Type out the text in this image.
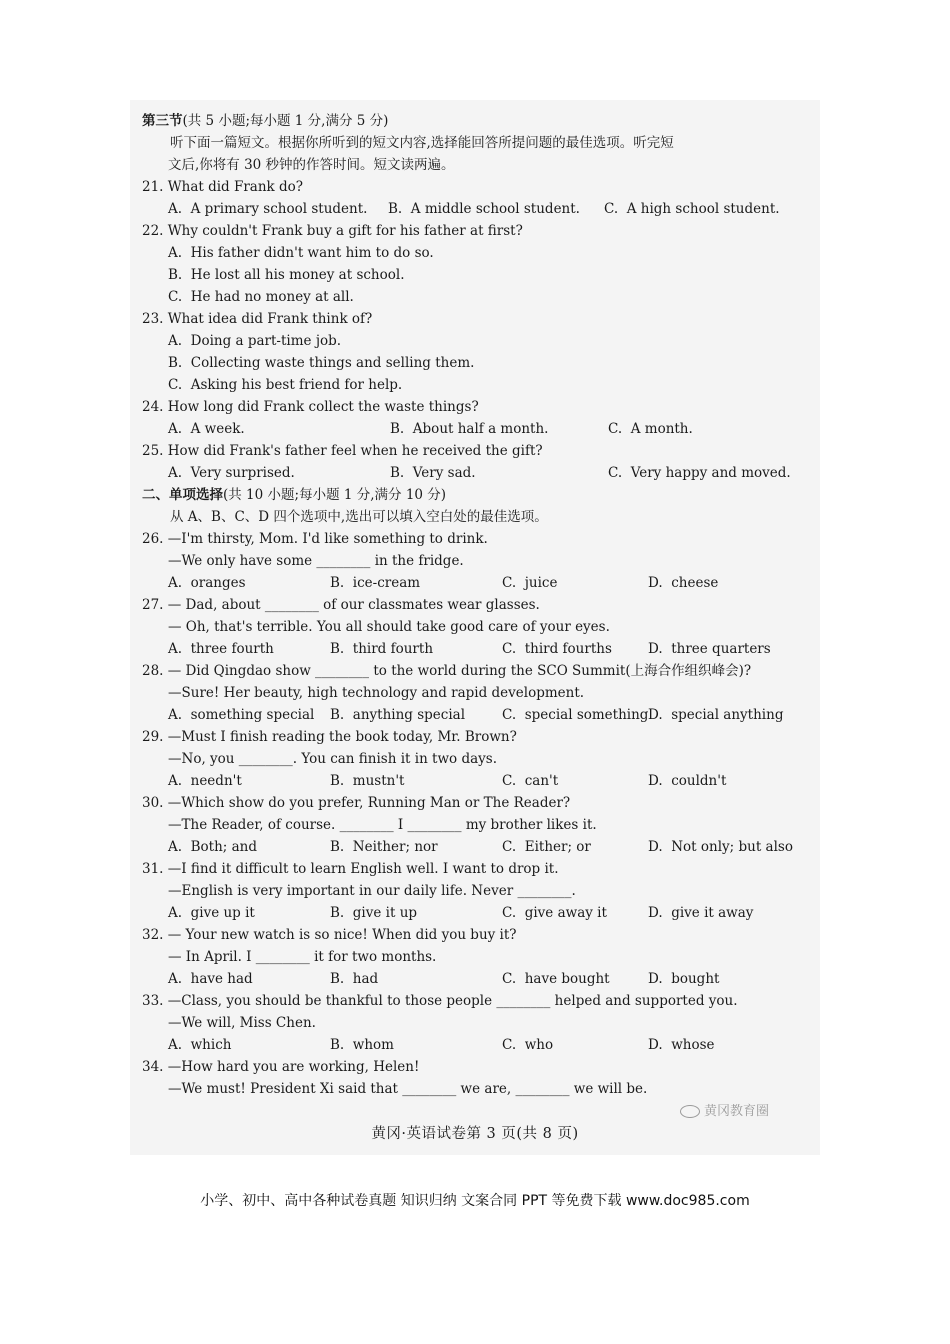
第三节(共 5 小题;每小题 1 分,满分 5 分)
听下面一篇短文。根据你所听到的短文内容,选择能回答所提问题的最佳选项。听完短
文后,你将有 30 秒钟的作答时间。短文读两遍。
21. What did Frank do?

A.  A primary school student.

B.  A middle school student.

C.  A high school student.

22. Why couldn't Frank buy a gift for his father at first?
A.  His father didn't want him to do so.
B.  He lost all his money at school.
C.  He had no money at all.
23. What idea did Frank think of?
A.  Doing a part-time job.
B.  Collecting waste things and selling them.
C.  Asking his best friend for help.
24. How long did Frank collect the waste things?

A.  A week.

	B.  About half a month.

	C.  A month.

25. How did Frank's father feel when he received the gift?

A.  Very surprised.

	B.  Very sad.

	C.  Very happy and moved.

二、单项选择(共 10 小题;每小题 1 分,满分 10 分)
从 A、B、C、D 四个选项中,选出可以填入空白处的最佳选项。
26. —I'm thirsty, Mom. I'd like something to drink.
—We only have some ________ in the fridge.

A.  oranges

	B.  ice-cream

	C.  juice

	D.  cheese

27. — Dad, about ________ of our classmates wear glasses.
— Oh, that's terrible. You all should take good care of your eyes.

A.  three fourth

	B.  third fourth

	C.  third fourths

	D.  three quarters

28. — Did Qingdao show ________ to the world during the SCO Summit(上海合作组织峰会)?
—Sure! Her beauty, high technology and rapid development.

A.  something special

B.  anything special

	C.  special something

D.  special anything

29. —Must I finish reading the book today, Mr. Brown?
—No, you ________. You can finish it in two days.

A.  needn't

	B.  mustn't

	C.  can't

	D.  couldn't

30. —Which show do you prefer, Running Man or The Reader?
—The Reader, of course. ________ I ________ my brother likes it.

A.  Both; and

	B.  Neither; nor

	C.  Either; or

	D.  Not only; but also

31. —I find it difficult to learn English well. I want to drop it.
—English is very important in our daily life. Never ________.

A.  give up it

	B.  give it up

	C.  give away it

	D.  give it away

32. — Your new watch is so nice! When did you buy it?
— In April. I ________ it for two months.

A.  have had

	B.  had

	C.  have bought

	D.  bought

33. —Class, you should be thankful to those people ________ helped and supported you.
—We will, Miss Chen.

A.  which

	B.  whom

	C.  who

	D.  whose

34. —How hard you are working, Helen!
—We must! President Xi said that ________ we are, ________ we will be.
黄冈教育圈
黄冈·英语试卷第 3 页(共 8 页)
小学、初中、高中各种试卷真题 知识归纳 文案合同 PPT 等免费下载 www.doc985.com
